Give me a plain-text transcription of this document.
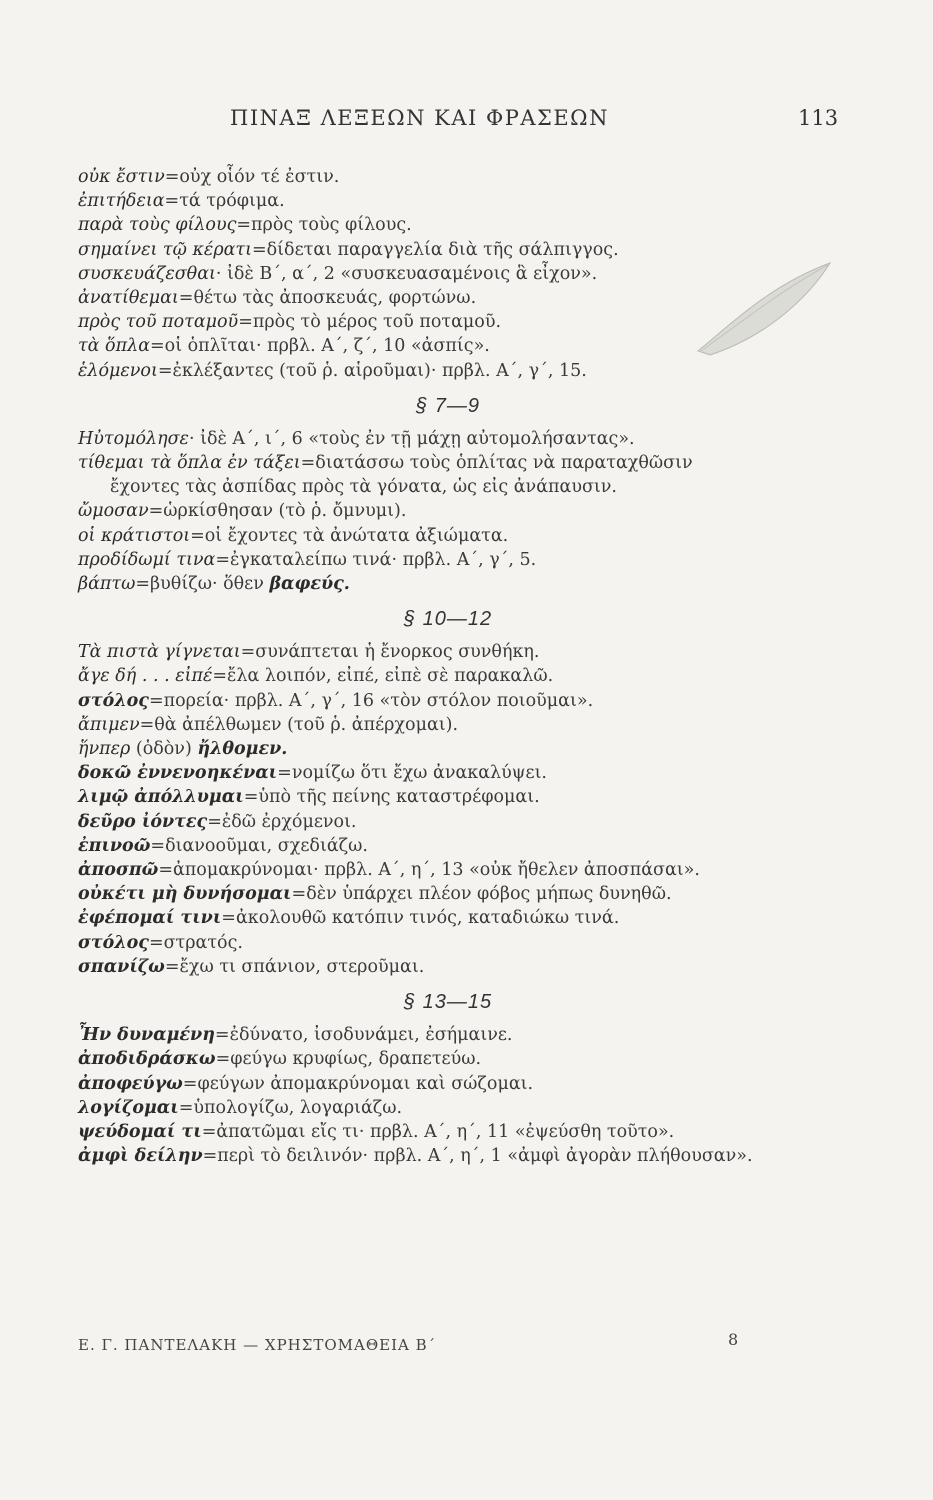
ΠΙΝΑΞ ΛΕΞΕΩΝ ΚΑΙ ΦΡΑΣΕΩΝ	113
οὐκ ἔστιν=οὐχ οἷόν τέ ἐστιν.
ἐπιτήδεια=τά τρόφιμα.
παρὰ τοὺς φίλους=πρὸς τοὺς φίλους.
σημαίνει τῷ κέρατι=δίδεται παραγγελία διὰ τῆς σάλπιγγος.
συσκευάζεσθαι· ἰδὲ Β΄, α΄, 2 «συσκευασαμένοις ἃ εἶχον».
ἀνατίθεμαι=θέτω τὰς ἀποσκευάς, φορτώνω.
πρὸς τοῦ ποταμοῦ=πρὸς τὸ μέρος τοῦ ποταμοῦ.
τὰ ὅπλα=οἱ ὁπλῖται· πρβλ. Α΄, ζ΄, 10 «ἀσπίς».
ἑλόμενοι=ἐκλέξαντες (τοῦ ῥ. αἱροῦμαι)· πρβλ. Α΄, γ΄, 15.
§ 7—9
Ηὐτομόλησε· ἰδὲ Α΄, ι΄, 6 «τοὺς ἐν τῇ μάχῃ αὐτομολήσαντας».
τίθεμαι τὰ ὅπλα ἐν τάξει=διατάσσω τοὺς ὁπλίτας νὰ παραταχθῶσιν
ἔχοντες τὰς ἀσπίδας πρὸς τὰ γόνατα, ὡς εἰς ἀνάπαυσιν.
ὤμοσαν=ὡρκίσθησαν (τὸ ῥ. ὄμνυμι).
οἱ κράτιστοι=οἱ ἔχοντες τὰ ἀνώτατα ἀξιώματα.
προδίδωμί τινα=ἐγκαταλείπω τινά· πρβλ. Α΄, γ΄, 5.
βάπτω=βυθίζω· ὅθεν βαφεύς.
§ 10—12
Τὰ πιστὰ γίγνεται=συνάπτεται ἡ ἔνορκος συνθήκη.
ἄγε δή . . . εἰπέ=ἔλα λοιπόν, εἰπέ, εἰπὲ σὲ παρακαλῶ.
στόλος=πορεία· πρβλ. Α΄, γ΄, 16 «τὸν στόλον ποιοῦμαι».
ἄπιμεν=θὰ ἀπέλθωμεν (τοῦ ῥ. ἀπέρχομαι).
ἥνπερ (ὁδὸν) ἤλθομεν.
δοκῶ ἐννενοηκέναι=νομίζω ὅτι ἔχω ἀνακαλύψει.
λιμῷ ἀπόλλυμαι=ὑπὸ τῆς πείνης καταστρέφομαι.
δεῦρο ἰόντες=ἐδῶ ἐρχόμενοι.
ἐπινοῶ=διανοοῦμαι, σχεδιάζω.
ἀποσπῶ=ἀπομακρύνομαι· πρβλ. Α΄, η΄, 13 «οὐκ ἤθελεν ἀποσπάσαι».
οὐκέτι μὴ δυνήσομαι=δὲν ὑπάρχει πλέον φόβος μήπως δυνηθῶ.
ἐφέπομαί τινι=ἀκολουθῶ κατόπιν τινός, καταδιώκω τινά.
στόλος=στρατός.
σπανίζω=ἔχω τι σπάνιον, στεροῦμαι.
§ 13—15
Ἦν δυναμένη=ἐδύνατο, ἰσοδυνάμει, ἐσήμαινε.
ἀποδιδράσκω=φεύγω κρυφίως, δραπετεύω.
ἀποφεύγω=φεύγων ἀπομακρύνομαι καὶ σώζομαι.
λογίζομαι=ὑπολογίζω, λογαριάζω.
ψεύδομαί τι=ἀπατῶμαι εἴς τι· πρβλ. Α΄, η΄, 11 «ἐψεύσθη τοῦτο».
ἀμφὶ δείλην=περὶ τὸ δειλινόν· πρβλ. Α΄, η΄, 1 «ἀμφὶ ἀγορὰν πλήθουσαν».
Ε. Γ. ΠΑΝΤΕΛΑΚΗ — ΧΡΗΣΤΟΜΑΘΕΙΑ Β΄	8
